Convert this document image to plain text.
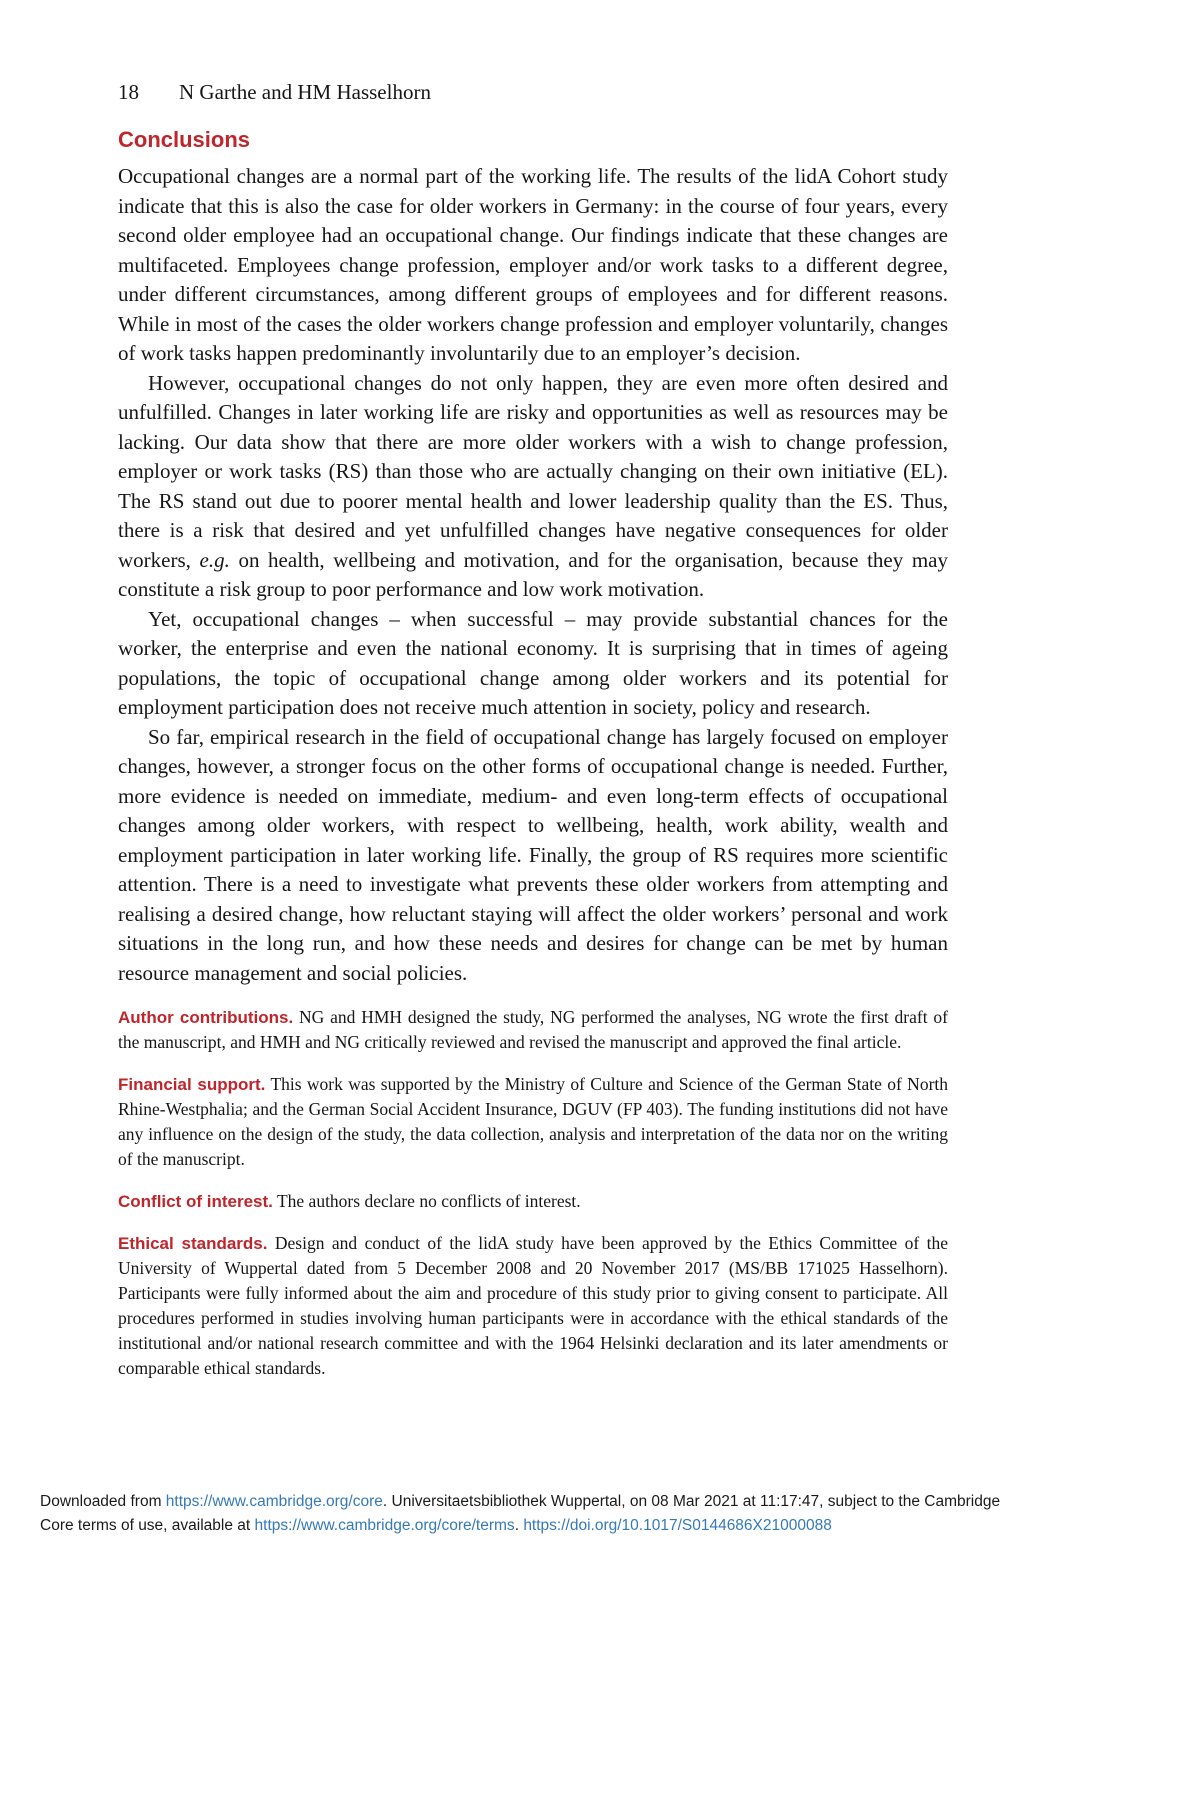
18 N Garthe and HM Hasselhorn
Conclusions

Occupational changes are a normal part of the working life. The results of the lidA Cohort study indicate that this is also the case for older workers in Germany: in the course of four years, every second older employee had an occupational change. Our findings indicate that these changes are multifaceted. Employees change profession, employer and/or work tasks to a different degree, under different circumstances, among different groups of employees and for different reasons. While in most of the cases the older workers change profession and employer voluntarily, changes of work tasks happen predominantly involuntarily due to an employer’s decision.

However, occupational changes do not only happen, they are even more often desired and unfulfilled. Changes in later working life are risky and opportunities as well as resources may be lacking. Our data show that there are more older workers with a wish to change profession, employer or work tasks (RS) than those who are actually changing on their own initiative (EL). The RS stand out due to poorer mental health and lower leadership quality than the ES. Thus, there is a risk that desired and yet unfulfilled changes have negative consequences for older workers, e.g. on health, wellbeing and motivation, and for the organisation, because they may constitute a risk group to poor performance and low work motivation.

Yet, occupational changes – when successful – may provide substantial chances for the worker, the enterprise and even the national economy. It is surprising that in times of ageing populations, the topic of occupational change among older workers and its potential for employment participation does not receive much attention in society, policy and research.

So far, empirical research in the field of occupational change has largely focused on employer changes, however, a stronger focus on the other forms of occupational change is needed. Further, more evidence is needed on immediate, medium- and even long-term effects of occupational changes among older workers, with respect to wellbeing, health, work ability, wealth and employment participation in later working life. Finally, the group of RS requires more scientific attention. There is a need to investigate what prevents these older workers from attempting and realising a desired change, how reluctant staying will affect the older workers’ personal and work situations in the long run, and how these needs and desires for change can be met by human resource management and social policies.

Author contributions. NG and HMH designed the study, NG performed the analyses, NG wrote the first draft of the manuscript, and HMH and NG critically reviewed and revised the manuscript and approved the final article.

Financial support. This work was supported by the Ministry of Culture and Science of the German State of North Rhine-Westphalia; and the German Social Accident Insurance, DGUV (FP 403). The funding institutions did not have any influence on the design of the study, the data collection, analysis and interpretation of the data nor on the writing of the manuscript.

Conflict of interest. The authors declare no conflicts of interest.

Ethical standards. Design and conduct of the lidA study have been approved by the Ethics Committee of the University of Wuppertal dated from 5 December 2008 and 20 November 2017 (MS/BB 171025 Hasselhorn). Participants were fully informed about the aim and procedure of this study prior to giving consent to participate. All procedures performed in studies involving human participants were in accordance with the ethical standards of the institutional and/or national research committee and with the 1964 Helsinki declaration and its later amendments or comparable ethical standards.

Downloaded from https://www.cambridge.org/core. Universitaetsbibliothek Wuppertal, on 08 Mar 2021 at 11:17:47, subject to the Cambridge
Core terms of use, available at https://www.cambridge.org/core/terms. https://doi.org/10.1017/S0144686X21000088
